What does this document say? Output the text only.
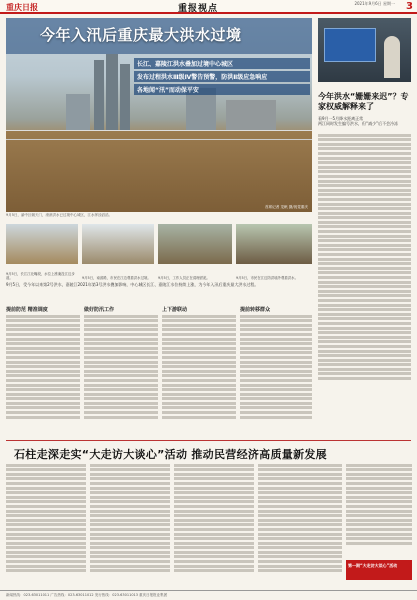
重庆日报	重报视点
2021年9月6日 星期一 3
今年入汛后重庆最大洪水过境
长江、嘉陵江洪水叠加过境中心城区
发布过程洪水Ⅲ级Ⅳ警告预警，防洪Ⅱ级应急响应
各地闻“汛”而动保平安
首席记者 龙帆 摄/视觉重庆
9月5日，渝中区朝天门，滚滚洪水已过境中心城区，江水浑浊滔滔。
9月5日，长江江北嘴段，水位上涨淹没江边步道。	9月5日，南滨路，市民在江边观看洪水过境。	9月5日，工作人员正在清理淤泥。	9月5日，市民在江边防洪墙外观看洪水。
9月5日，受今年以来第2号洪水，嘉陵江2021年第3号洪水叠加影响，中心城区长江、嘉陵江水位持续上涨，为今年入汛后重庆最大洪水过程。
提前防范 精准调度	做好防汛工作	上下游联动	提前转移群众
今年洪水“姗姗来迟”？专家权威解释来了
看9月一5月降水距离正常
两江同时发生编号洪水，但“减少”后不会冷冻
石柱走深走实“大走访大谈心”活动 推动民营经济高质量新发展
第一期“大走访大谈心”活动
新闻热线：023-63011011 广告热线：023-63011012 发行热线：023-63011013 重庆日报报业集团
